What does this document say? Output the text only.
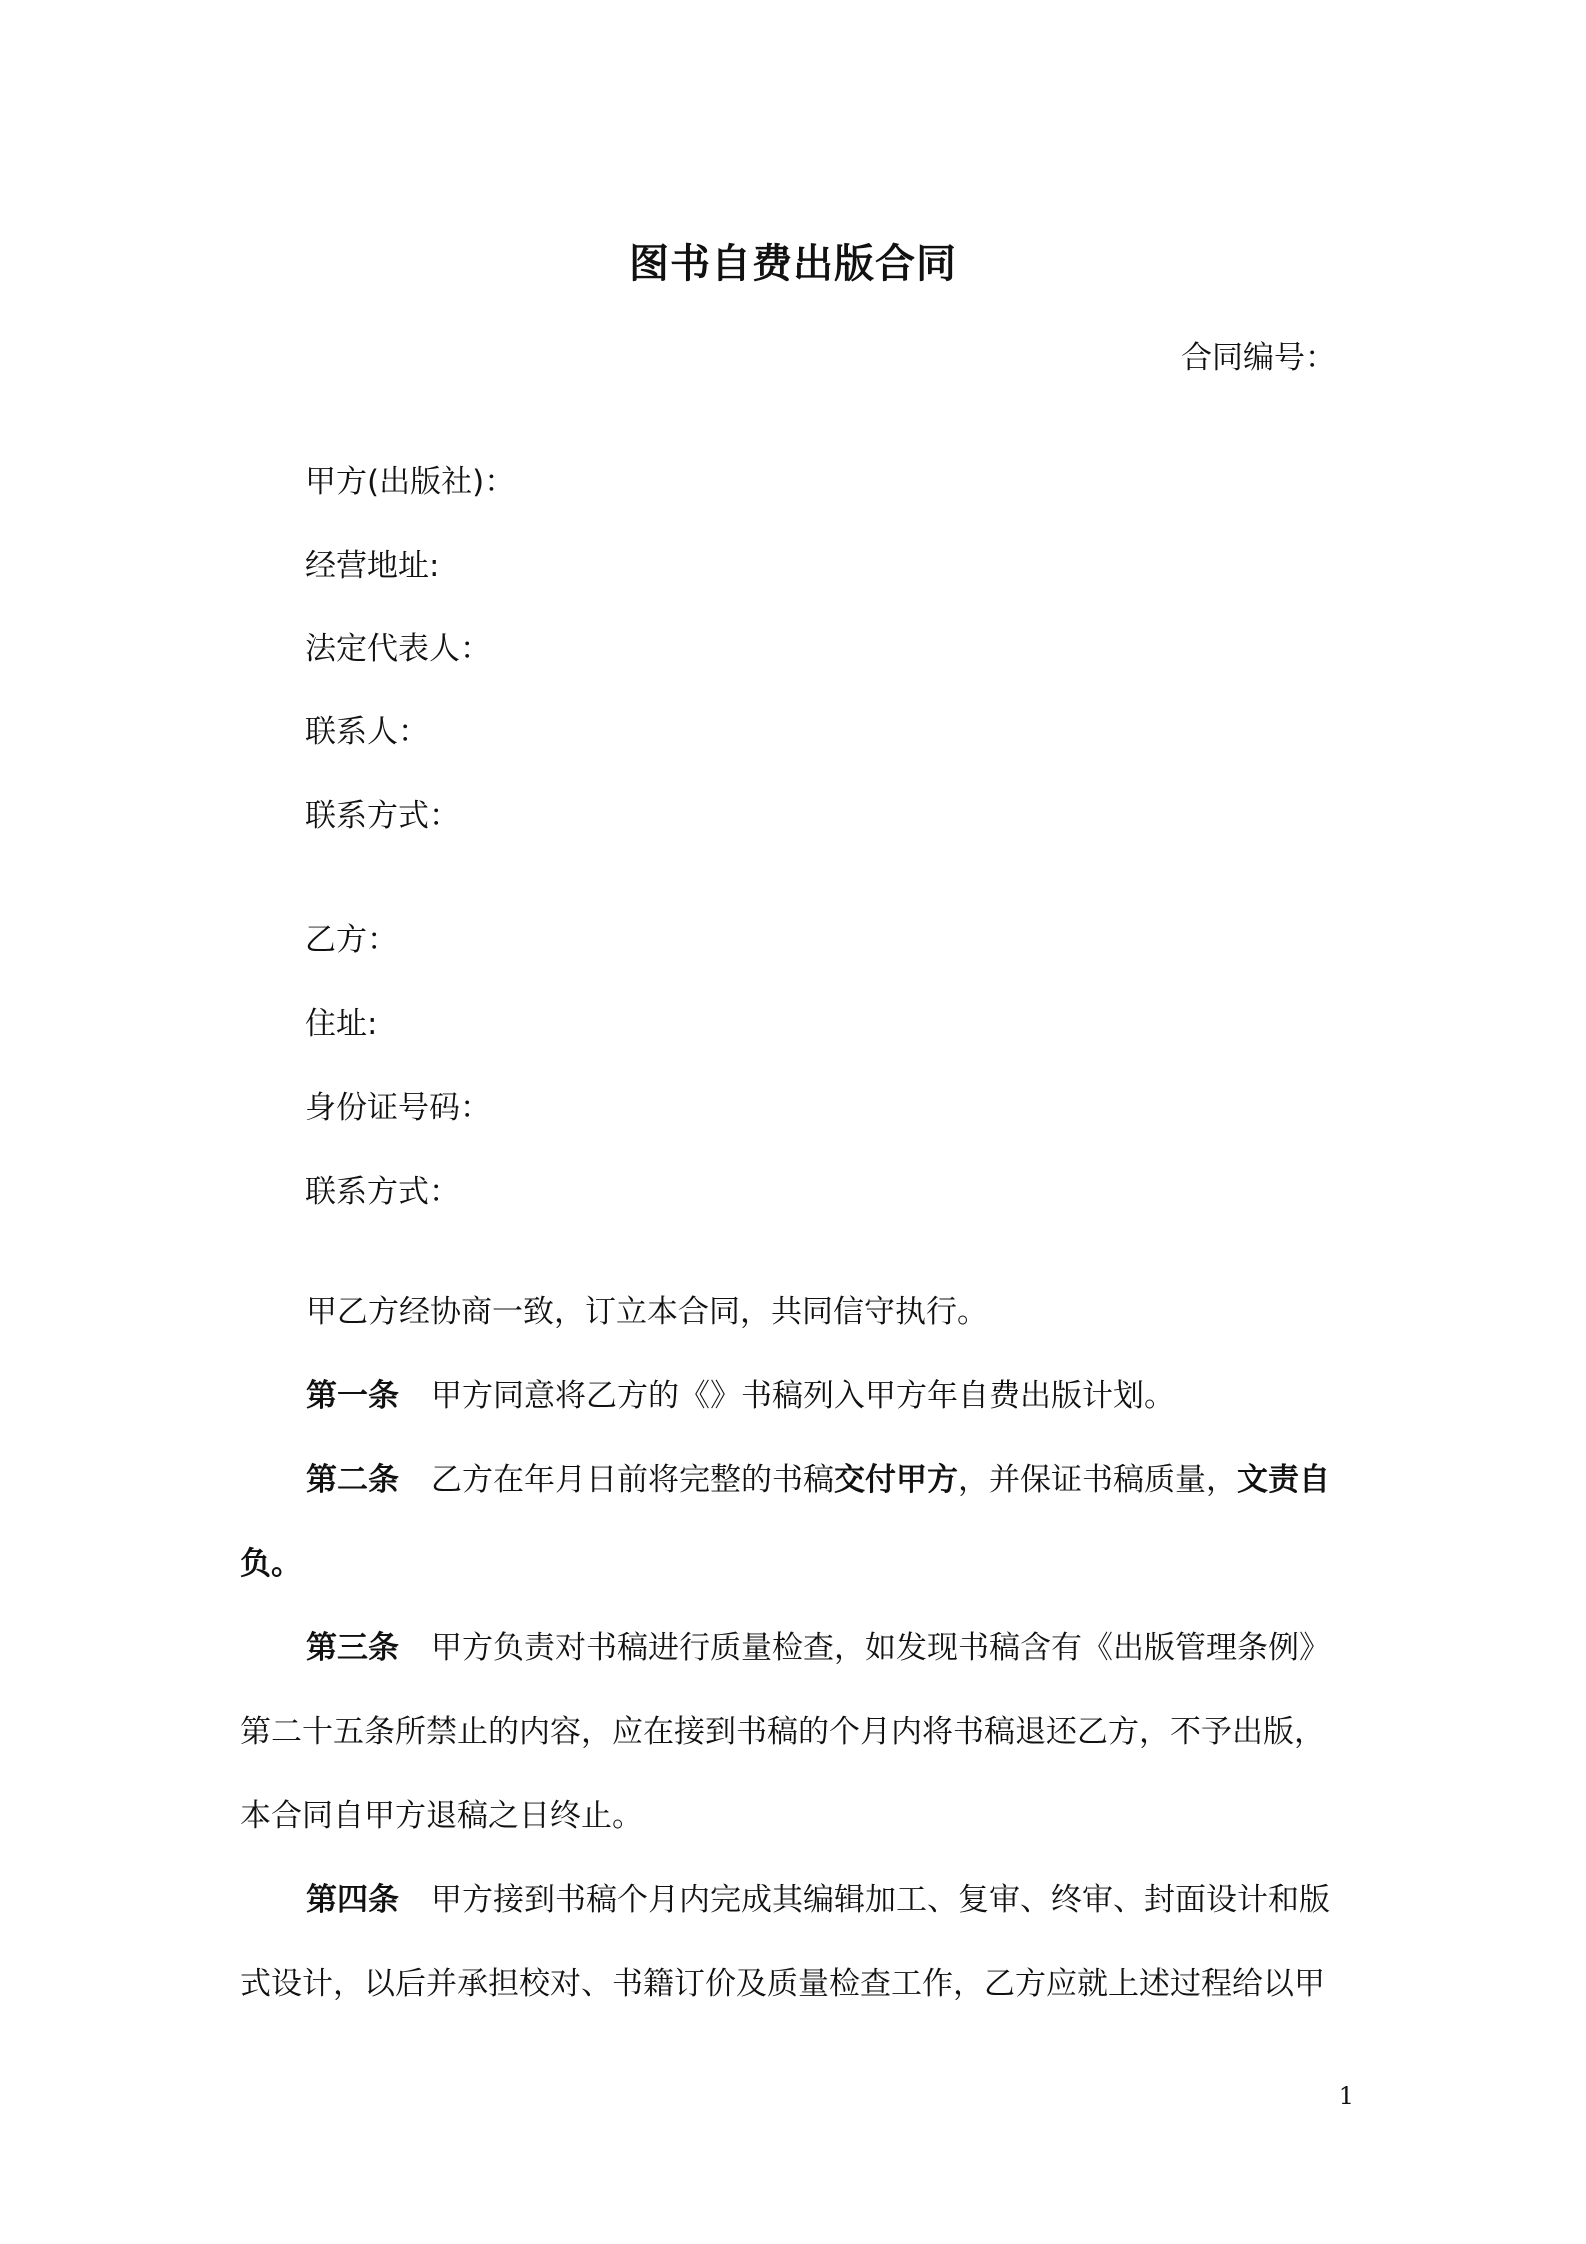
图书自费出版合同
合同编号：
甲方(出版社)：
经营地址:
法定代表人：
联系人：
联系方式：
乙方：
住址:
身份证号码：
联系方式：

甲乙方经协商一致，订立本合同，共同信守执行。

第一条 甲方同意将乙方的《》书稿列入甲方年自费出版计划。

第二条 乙方在年月日前将完整的书稿交付甲方，并保证书稿质量，文责自负。

第三条 甲方负责对书稿进行质量检查，如发现书稿含有《出版管理条例》第二十五条所禁止的内容，应在接到书稿的个月内将书稿退还乙方，不予出版，本合同自甲方退稿之日终止。

第四条 甲方接到书稿个月内完成其编辑加工、复审、终审、封面设计和版式设计，以后并承担校对、书籍订价及质量检查工作，乙方应就上述过程给以甲

1
